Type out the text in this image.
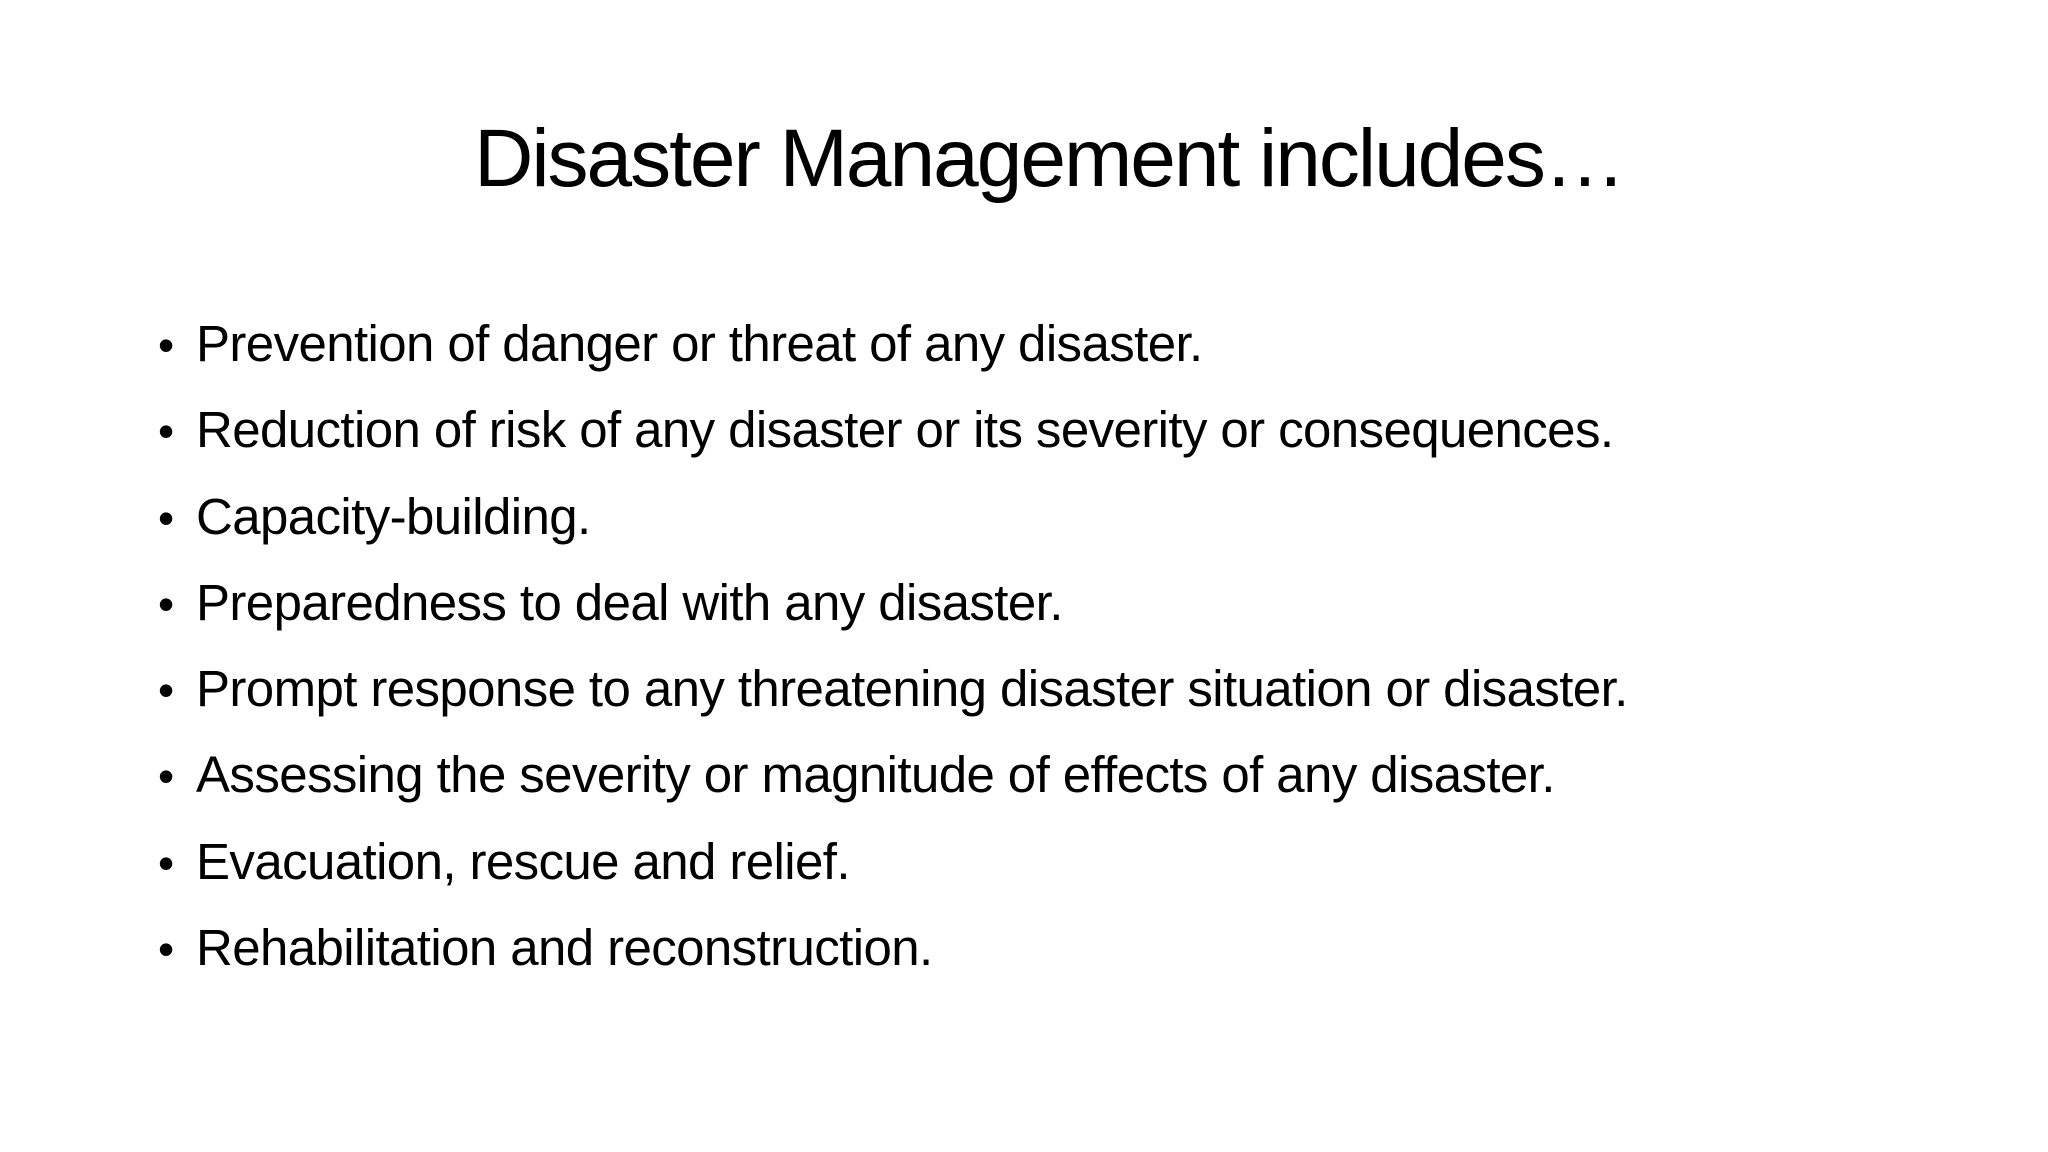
Disaster Management includes…
• Prevention of danger or threat of any disaster.
• Reduction of risk of any disaster or its severity or consequences.
• Capacity-building.
• Preparedness to deal with any disaster.
• Prompt response to any threatening disaster situation or disaster.
• Assessing the severity or magnitude of effects of any disaster.
• Evacuation, rescue and relief.
• Rehabilitation and reconstruction.
